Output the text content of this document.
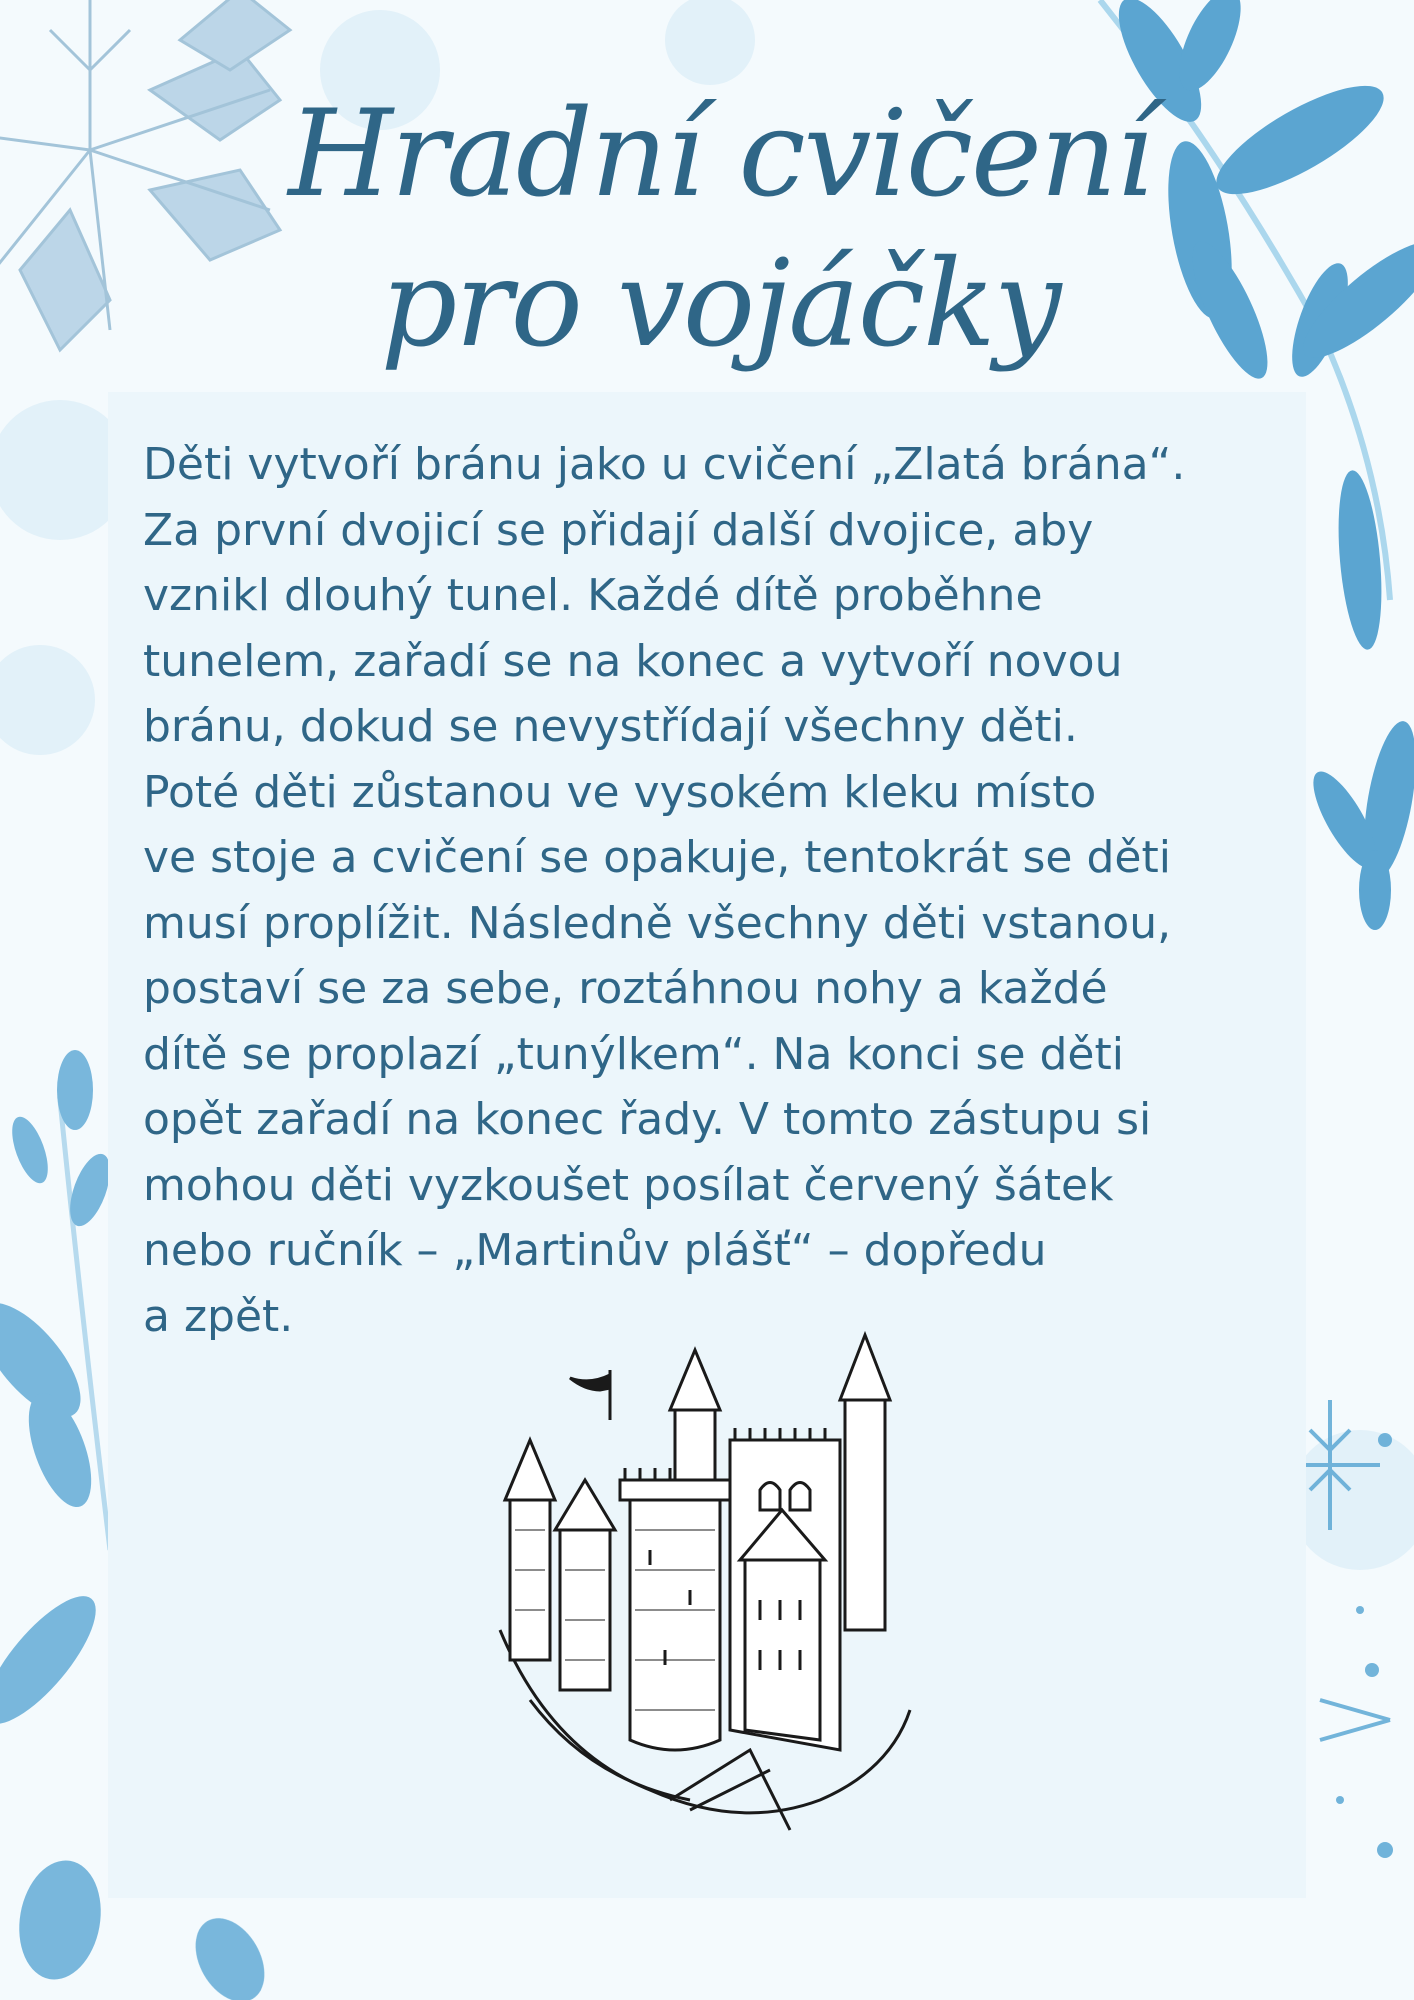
Hradní cvičení
pro vojáčky

Děti vytvoří bránu jako u cvičení „Zlatá brána“.
Za první dvojicí se přidají další dvojice, aby
vznikl dlouhý tunel. Každé dítě proběhne
tunelem, zařadí se na konec a vytvoří novou
bránu, dokud se nevystřídají všechny děti.
Poté děti zůstanou ve vysokém kleku místo
ve stoje a cvičení se opakuje, tentokrát se děti
musí proplížit. Následně všechny děti vstanou,
postaví se za sebe, roztáhnou nohy a každé
dítě se proplazí „tunýlkem“. Na konci se děti
opět zařadí na konec řady. V tomto zástupu si
mohou děti vyzkoušet posílat červený šátek
nebo ručník – „Martinův plášť“ – dopředu
a zpět.
